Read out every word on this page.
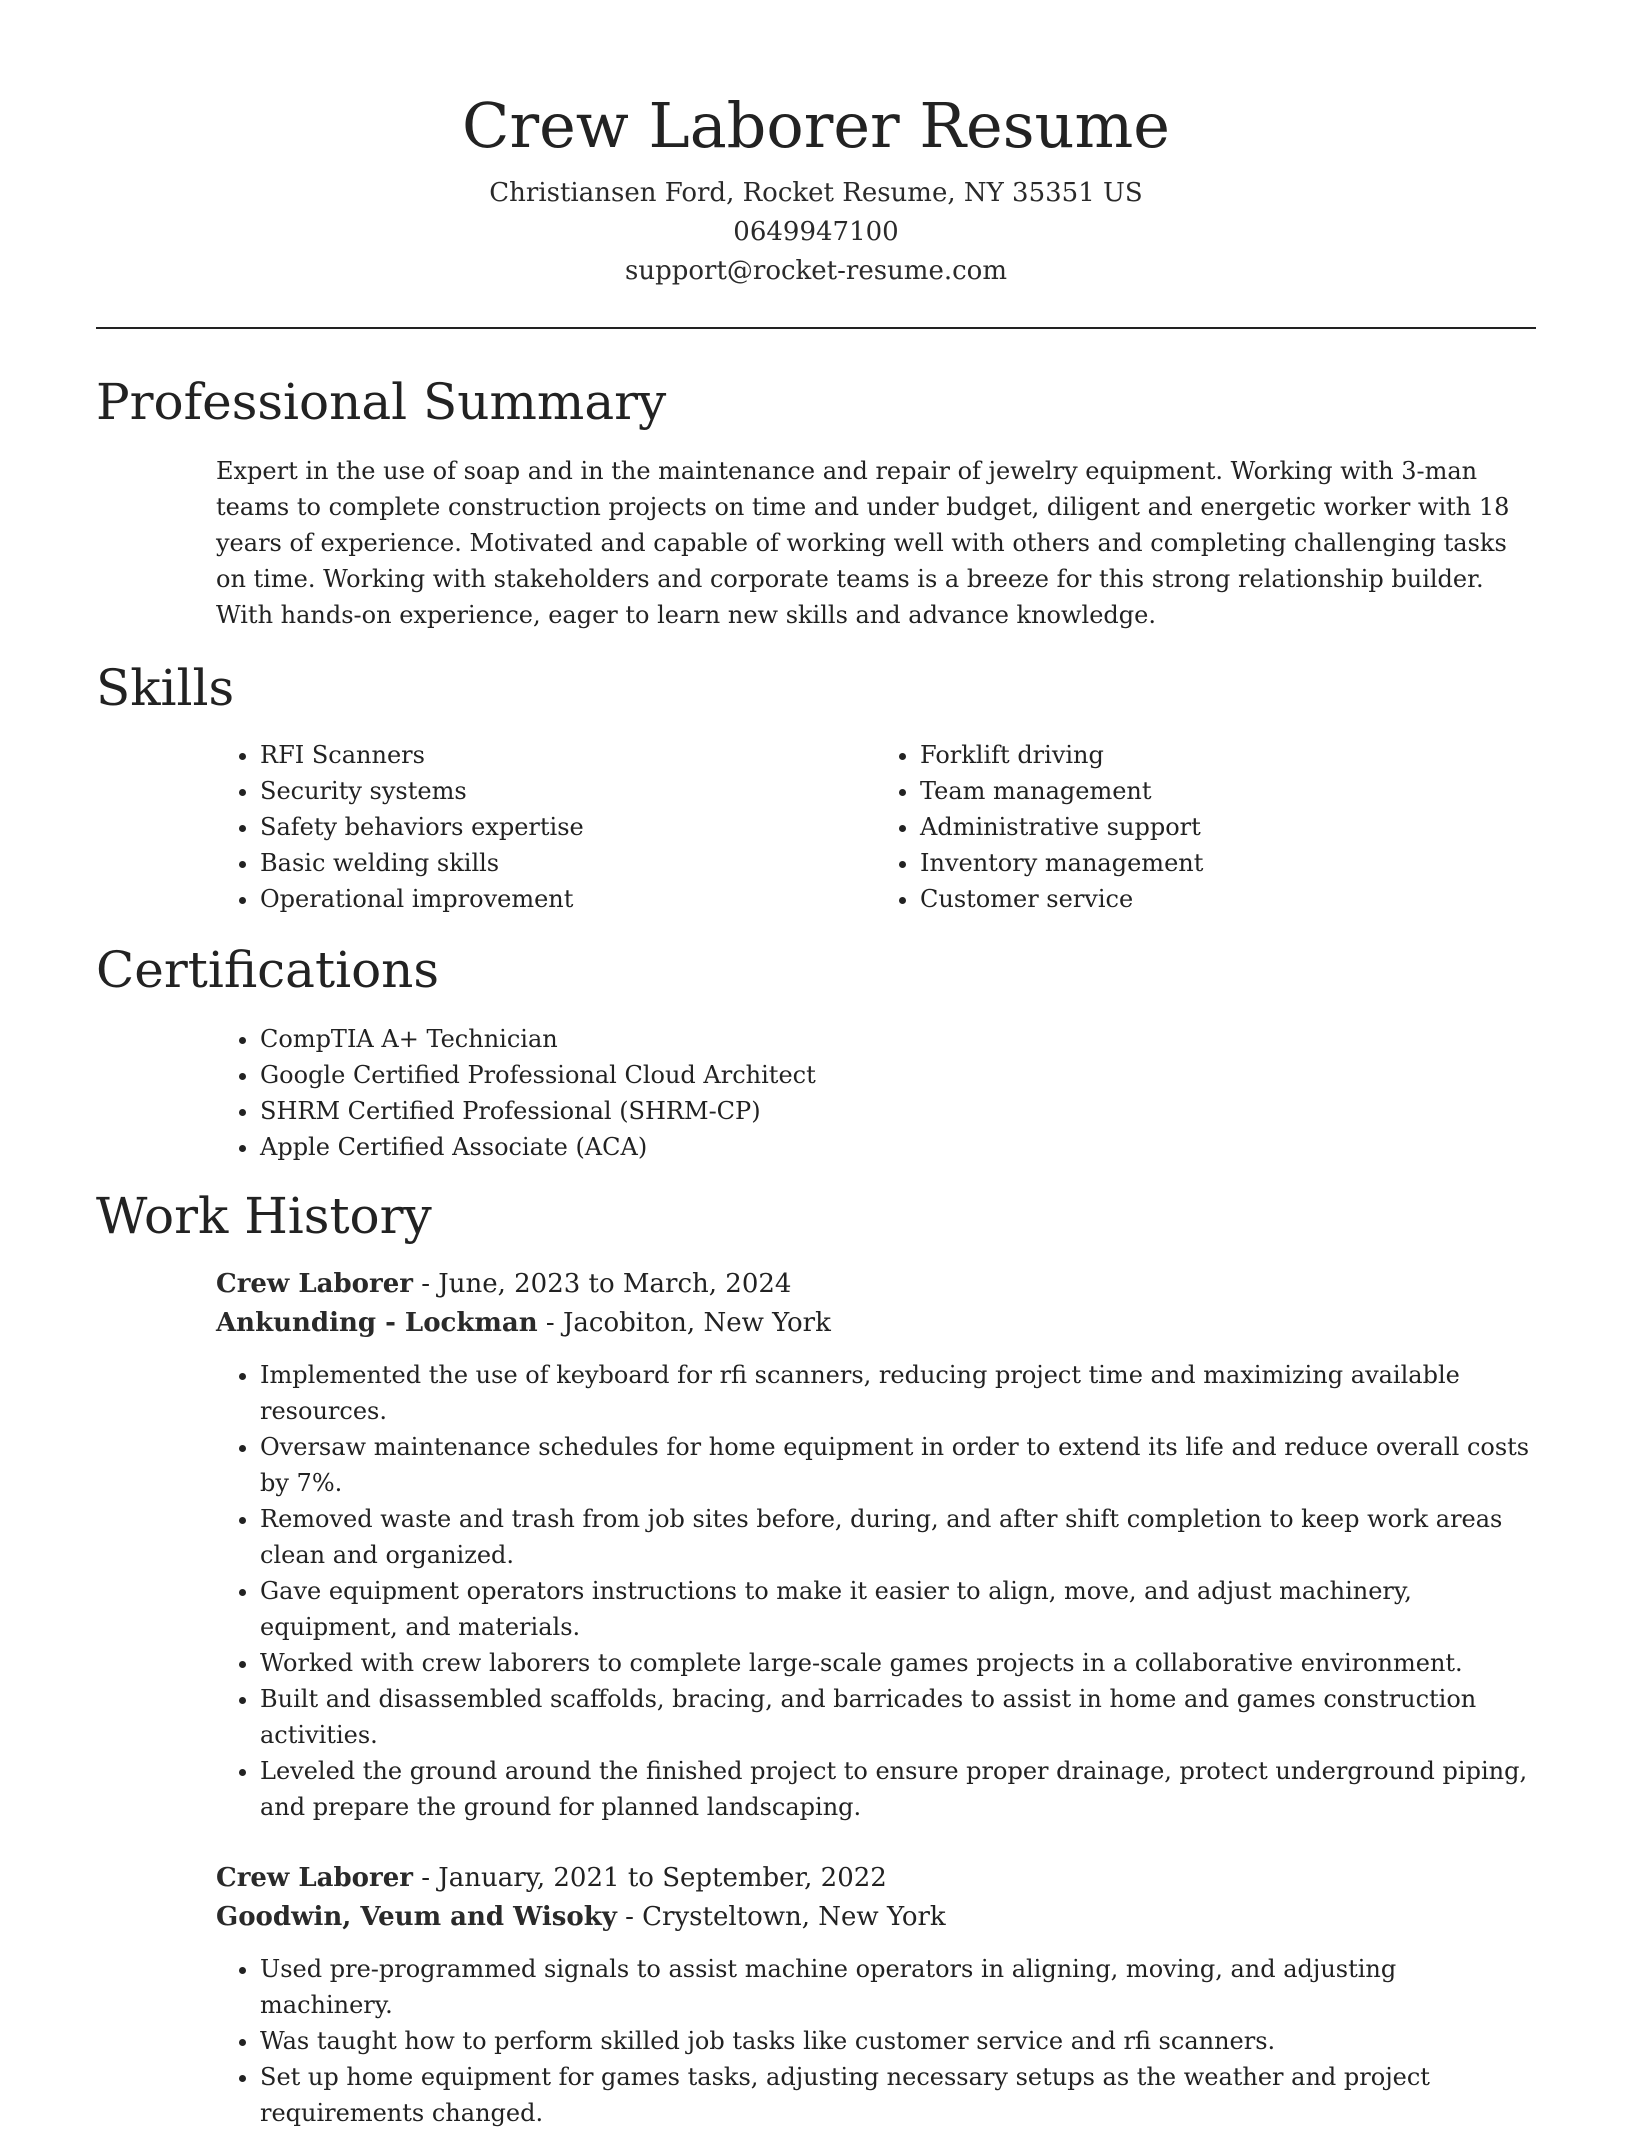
Crew Laborer Resume
Christiansen Ford, Rocket Resume, NY 35351 US
0649947100
support@rocket-resume.com
Professional Summary

Expert in the use of soap and in the maintenance and repair of jewelry equipment. Working with 3-man teams to complete construction projects on time and under budget, diligent and energetic worker with 18 years of experience. Motivated and capable of working well with others and completing challenging tasks on time. Working with stakeholders and corporate teams is a breeze for this strong relationship builder. With hands-on experience, eager to learn new skills and advance knowledge.

Skills
• RFI Scanners
• Security systems
• Safety behaviors expertise
• Basic welding skills
• Operational improvement
• Forklift driving
• Team management
• Administrative support
• Inventory management
• Customer service
Certifications
• CompTIA A+ Technician
• Google Certified Professional Cloud Architect
• SHRM Certified Professional (SHRM-CP)
• Apple Certified Associate (ACA)
Work History
Crew Laborer - June, 2023 to March, 2024
Ankunding - Lockman - Jacobiton, New York
• Implemented the use of keyboard for rfi scanners, reducing project time and maximizing available resources.
• Oversaw maintenance schedules for home equipment in order to extend its life and reduce overall costs by 7%.
• Removed waste and trash from job sites before, during, and after shift completion to keep work areas clean and organized.
• Gave equipment operators instructions to make it easier to align, move, and adjust machinery, equipment, and materials.
• Worked with crew laborers to complete large-scale games projects in a collaborative environment.
• Built and disassembled scaffolds, bracing, and barricades to assist in home and games construction activities.
• Leveled the ground around the finished project to ensure proper drainage, protect underground piping, and prepare the ground for planned landscaping.
Crew Laborer - January, 2021 to September, 2022
Goodwin, Veum and Wisoky - Crysteltown, New York
• Used pre-programmed signals to assist machine operators in aligning, moving, and adjusting machinery.
• Was taught how to perform skilled job tasks like customer service and rfi scanners.
• Set up home equipment for games tasks, adjusting necessary setups as the weather and project requirements changed.
